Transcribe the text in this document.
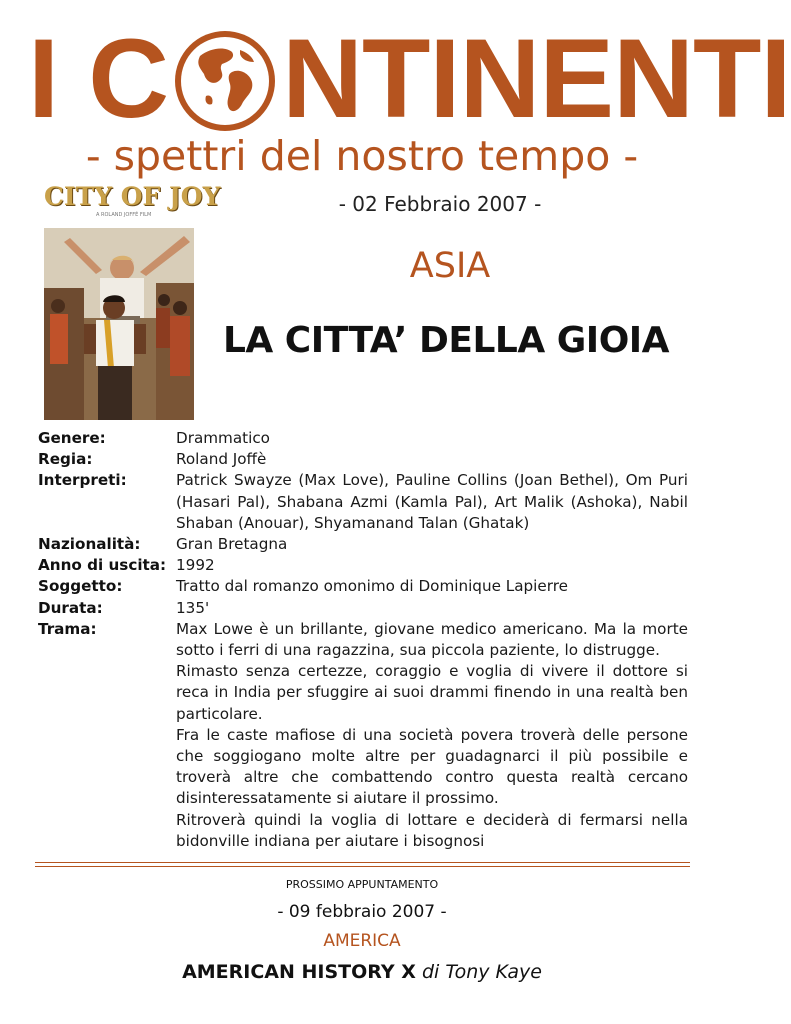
I C NTINENTI
- spettri del nostro tempo -
CITY OF JOY
A ROLAND JOFFÉ FILM	- 02 Febbraio 2007 -
ASIA
LA CITTA’ DELLA GIOIA
Genere:	Drammatico
Regia:	Roland Joffè
Interpreti:	Patrick Swayze (Max Love), Pauline Collins (Joan Bethel), Om Puri (Hasari Pal), Shabana Azmi (Kamla Pal), Art Malik (Ashoka), Nabil Shaban (Anouar), Shyamanand Talan (Ghatak)
Nazionalità:	Gran Bretagna
Anno di uscita: 1992
Soggetto:	Tratto dal romanzo omonimo di Dominique Lapierre
Durata:	135'
Trama:	Max Lowe è un brillante, giovane medico americano. Ma la morte sotto i ferri di una ragazzina, sua piccola paziente, lo distrugge.

Rimasto senza certezze, coraggio e voglia di vivere il dottore si reca in India per sfuggire ai suoi drammi finendo in una realtà ben particolare.

Fra le caste mafiose di una società povera troverà delle persone che soggiogano molte altre per guadagnarci il più possibile e troverà altre che combattendo contro questa realtà cercano disinteressatamente si aiutare il prossimo.

Ritroverà quindi la voglia di lottare e deciderà di fermarsi nella bidonville indiana per aiutare i bisognosi

PROSSIMO APPUNTAMENTO
- 09 febbraio 2007 -
AMERICA
AMERICAN HISTORY X di Tony Kaye
